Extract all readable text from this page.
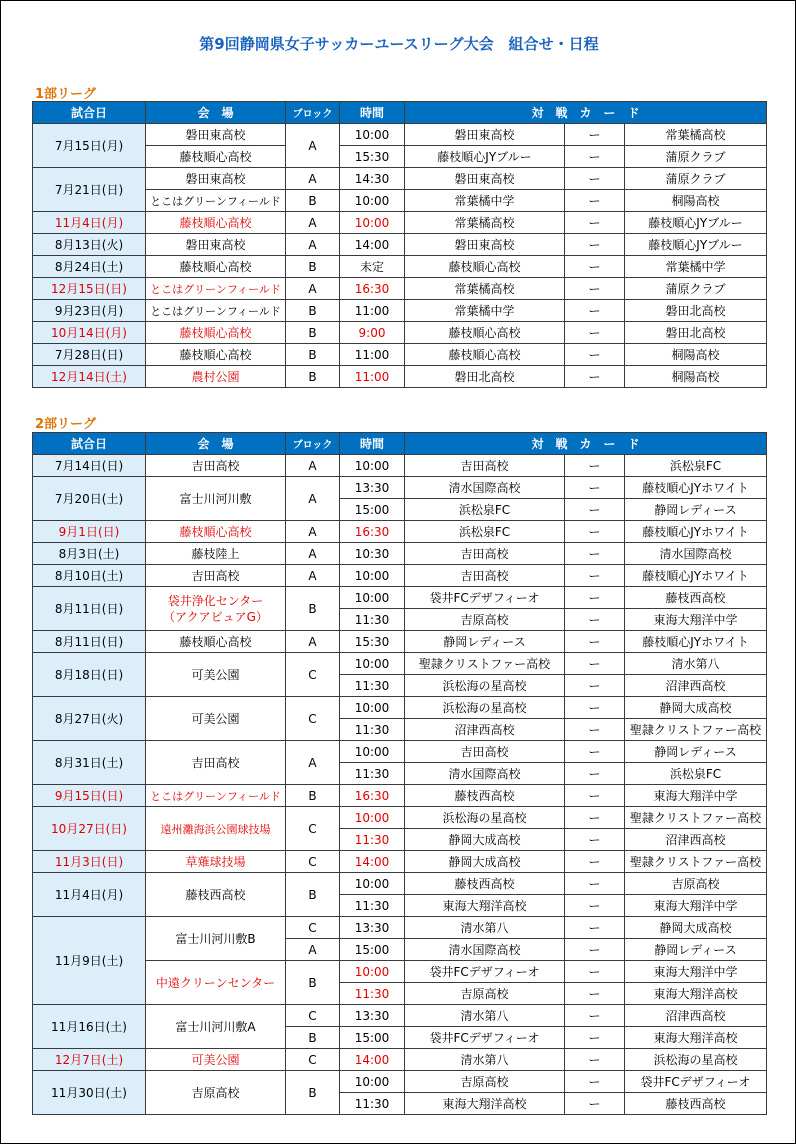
第9回静岡県女子サッカーユースリーグ大会　組合せ・日程
1部リーグ
試合日	会　場	ブロック	時間	対　戦　カ　ー　ド		
7月15日(月)	磐田東高校	A	10:00	磐田東高校	ー	常葉橘高校
	藤枝順心高校		15:30	藤枝順心JYブルー	ー	蒲原クラブ
7月21日(日)	磐田東高校	A	14:30	磐田東高校	ー	蒲原クラブ
	とこはグリーンフィールド	B	10:00	常葉橘中学	ー	桐陽高校
11月4日(月)	藤枝順心高校	A	10:00	常葉橘高校	ー	藤枝順心JYブルー
8月13日(火)	磐田東高校	A	14:00	磐田東高校	ー	藤枝順心JYブルー
8月24日(土)	藤枝順心高校	B	未定	藤枝順心高校	ー	常葉橘中学
12月15日(日)	とこはグリーンフィールド	A	16:30	常葉橘高校	ー	蒲原クラブ
9月23日(月)	とこはグリーンフィールド	B	11:00	常葉橘中学	ー	磐田北高校
10月14日(月)	藤枝順心高校	B	9:00	藤枝順心高校	ー	磐田北高校
7月28日(日)	藤枝順心高校	B	11:00	藤枝順心高校	ー	桐陽高校
12月14日(土)	農村公園	B	11:00	磐田北高校	ー	桐陽高校
2部リーグ
試合日	会　場	ブロック	時間	対　戦　カ　ー　ド		
7月14日(日)	吉田高校	A	10:00	吉田高校	ー	浜松泉FC
7月20日(土)	富士川河川敷	A	13:30	清水国際高校	ー	藤枝順心JYホワイト
			15:00	浜松泉FC	ー	静岡レディース
9月1日(日)	藤枝順心高校	A	16:30	浜松泉FC	ー	藤枝順心JYホワイト
8月3日(土)	藤枝陸上	A	10:30	吉田高校	ー	清水国際高校
8月10日(土)	吉田高校	A	10:00	吉田高校	ー	藤枝順心JYホワイト
8月11日(日)	袋井浄化センター
（アクアビュアG）	B	10:00	袋井FCデザフィーオ	ー	藤枝西高校
			11:30	吉原高校	ー	東海大翔洋中学
8月11日(日)	藤枝順心高校	A	15:30	静岡レディース	ー	藤枝順心JYホワイト
8月18日(日)	可美公園	C	10:00	聖隷クリストファー高校	ー	清水第八
			11:30	浜松海の星高校	ー	沼津西高校
8月27日(火)	可美公園	C	10:00	浜松海の星高校	ー	静岡大成高校
			11:30	沼津西高校	ー	聖隷クリストファー高校
8月31日(土)	吉田高校	A	10:00	吉田高校	ー	静岡レディース
			11:30	清水国際高校	ー	浜松泉FC
9月15日(日)	とこはグリーンフィールド	B	16:30	藤枝西高校	ー	東海大翔洋中学
10月27日(日)	遠州灘海浜公園球技場	C	10:00	浜松海の星高校	ー	聖隷クリストファー高校
			11:30	静岡大成高校	ー	沼津西高校
11月3日(日)	草薙球技場	C	14:00	静岡大成高校	ー	聖隷クリストファー高校
11月4日(月)	藤枝西高校	B	10:00	藤枝西高校	ー	吉原高校
			11:30	東海大翔洋高校	ー	東海大翔洋中学
11月9日(土)	富士川河川敷B	C	13:30	清水第八	ー	静岡大成高校
		A	15:00	清水国際高校	ー	静岡レディース
	中遠クリーンセンター	B	10:00	袋井FCデザフィーオ	ー	東海大翔洋中学
			11:30	吉原高校	ー	東海大翔洋高校
11月16日(土)	富士川河川敷A	C	13:30	清水第八	ー	沼津西高校
		B	15:00	袋井FCデザフィーオ	ー	東海大翔洋高校
12月7日(土)	可美公園	C	14:00	清水第八	ー	浜松海の星高校
11月30日(土)	吉原高校	B	10:00	吉原高校	ー	袋井FCデザフィーオ
			11:30	東海大翔洋高校	ー	藤枝西高校
